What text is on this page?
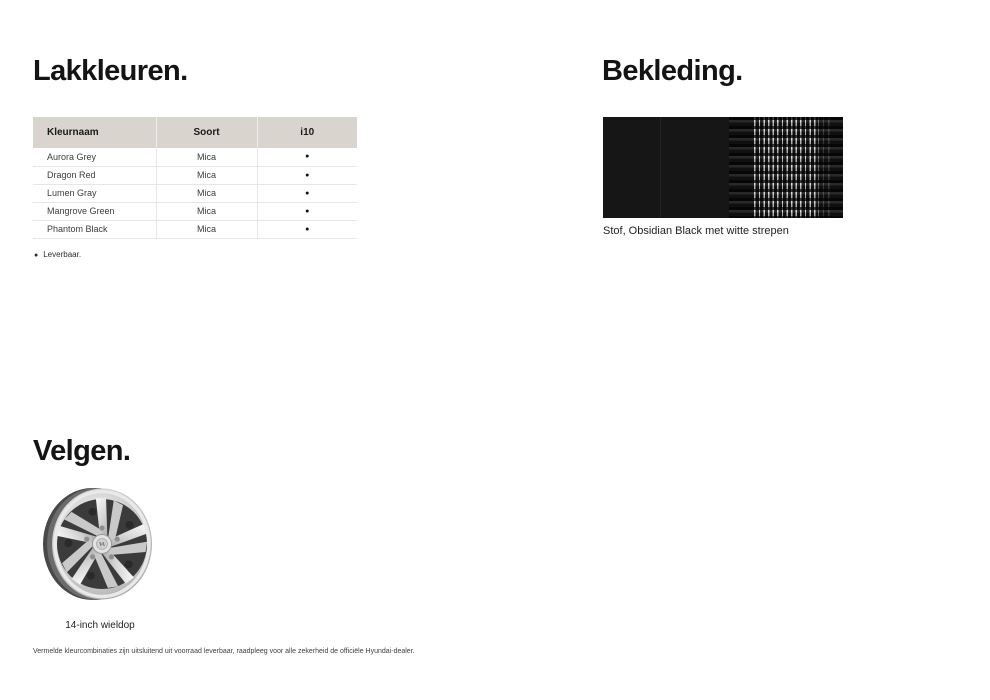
Lakkleuren.
Kleurnaam	Soort	i10
Aurora Grey	Mica	●
Dragon Red	Mica	●
Lumen Gray	Mica	●
Mangrove Green	Mica	●
Phantom Black	Mica	●
● Leverbaar.
Bekleding.
Stof, Obsidian Black met witte strepen
Velgen.
14-inch wieldop
Vermelde kleurcombinaties zijn uitsluitend uit voorraad leverbaar, raadpleeg voor alle zekerheid de officiële Hyundai-dealer.
